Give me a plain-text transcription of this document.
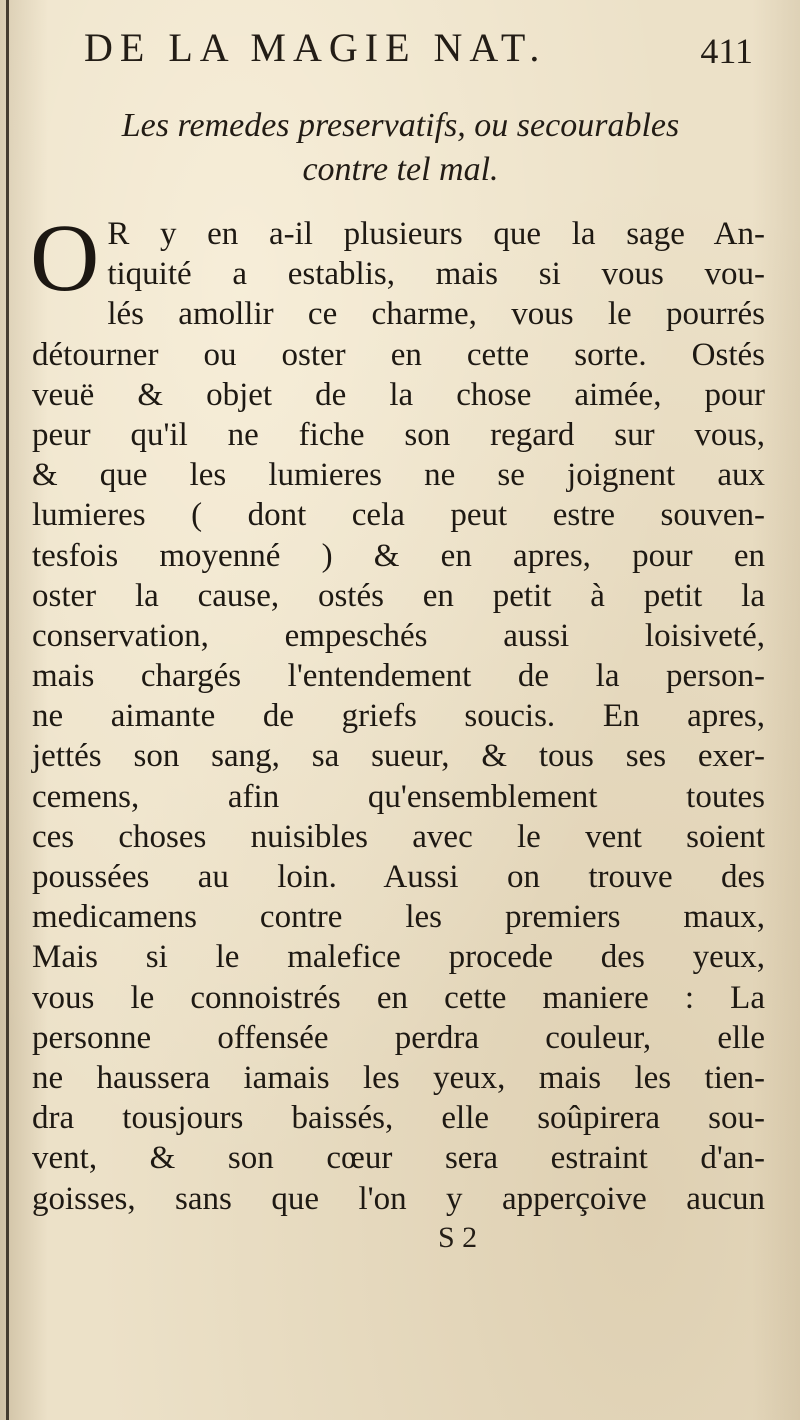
DE LA MAGIE NAT.	411
Les remedes preservatifs, ou secourables
contre tel mal.
O R y en a-il plusieurs que la sage An-
tiquité a establis, mais si vous vou-
lés amollir ce charme, vous le pourrés
détourner ou oster en cette sorte. Ostés
veuë & objet de la chose aimée, pour
peur qu'il ne fiche son regard sur vous,
& que les lumieres ne se joignent aux
lumieres ( dont cela peut estre souven-
tesfois moyenné ) & en apres, pour en
oster la cause, ostés en petit à petit la
conservation, empeschés aussi loisiveté,
mais chargés l'entendement de la person-
ne aimante de griefs soucis. En apres,
jettés son sang, sa sueur, & tous ses exer-
cemens, afin qu'ensemblement toutes
ces choses nuisibles avec le vent soient
poussées au loin. Aussi on trouve des
medicamens contre les premiers maux,
Mais si le malefice procede des yeux,
vous le connoistrés en cette maniere : La
personne offensée perdra couleur, elle
ne haussera iamais les yeux, mais les tien-
dra tousjours baissés, elle soûpirera sou-
vent, & son cœur sera estraint d'an-
goisses, sans que l'on y apperçoive aucun
S 2
